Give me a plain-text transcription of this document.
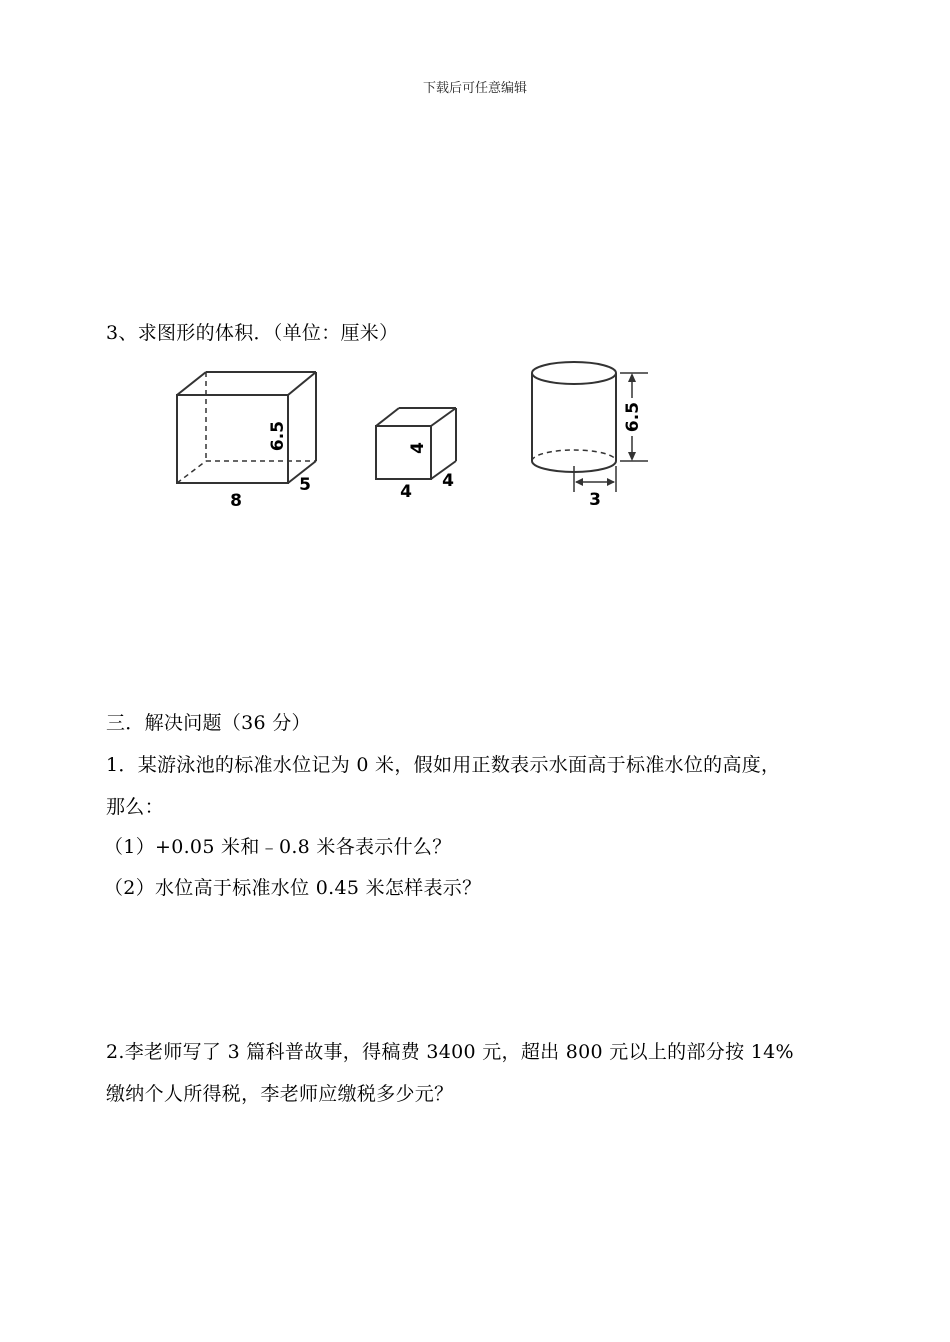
下载后可任意编辑
3、求图形的体积．（单位：厘米）
6.5
8
5
4
4
4
6.5
3
三．解决问题（36 分）
1．某游泳池的标准水位记为 0 米，假如用正数表示水面高于标准水位的高度，
那么：
（1）+0.05 米和﹣0.8 米各表示什么？
（2）水位高于标准水位 0.45 米怎样表示？
2.李老师写了 3 篇科普故事，得稿费 3400 元，超出 800 元以上的部分按 14%
缴纳个人所得税，李老师应缴税多少元？
